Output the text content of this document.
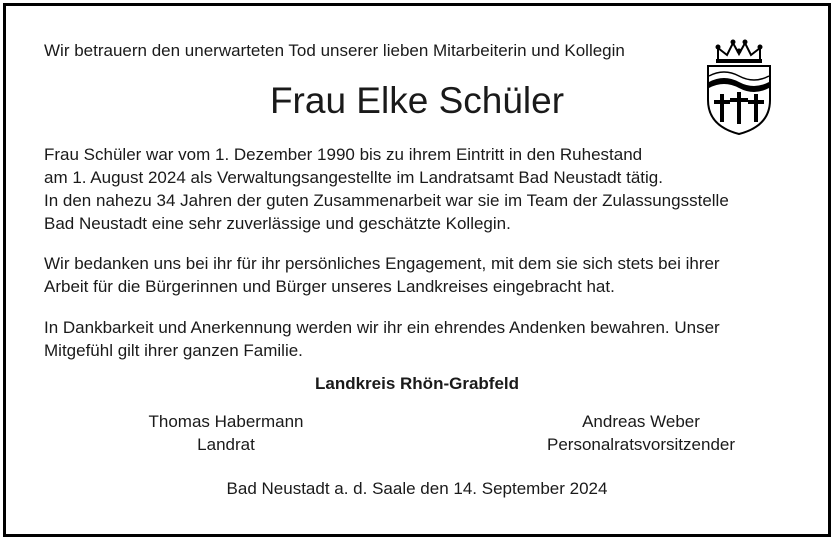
Wir betrauern den unerwarteten Tod unserer lieben Mitarbeiterin und Kollegin
Frau Elke Schüler

Frau Schüler war vom 1. Dezember 1990 bis zu ihrem Eintritt in den Ruhestand
am 1. August 2024 als Verwaltungsangestellte im Landratsamt Bad Neustadt tätig.
In den nahezu 34 Jahren der guten Zusammenarbeit war sie im Team der Zulassungsstelle
Bad Neustadt eine sehr zuverlässige und geschätzte Kollegin.

Wir bedanken uns bei ihr für ihr persönliches Engagement, mit dem sie sich stets bei ihrer
Arbeit für die Bürgerinnen und Bürger unseres Landkreises eingebracht hat.

In Dankbarkeit und Anerkennung werden wir ihr ein ehrendes Andenken bewahren. Unser
Mitgefühl gilt ihrer ganzen Familie.

Landkreis Rhön-Grabfeld
Thomas Habermann
Landrat
Andreas Weber
Personalratsvorsitzender
Bad Neustadt a. d. Saale den 14. September 2024
